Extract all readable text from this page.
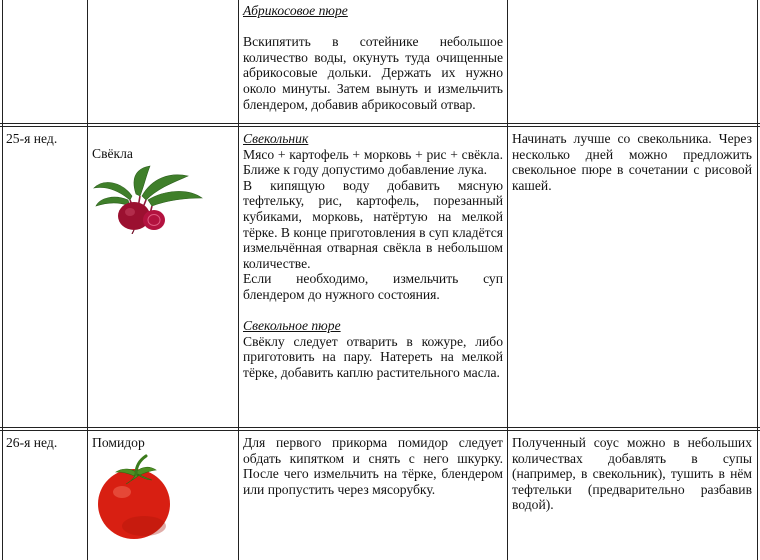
Абрикосовое пюре

Вскипятить в сотейнике небольшое количество воды, окунуть туда очищенные абрикосовые дольки. Держать их нужно около минуты. Затем вынуть и измельчить блендером, добавив абрикосовый отвар.

25-я нед.
Свёкла
Свекольник

Мясо + картофель + морковь + рис + свёкла. Ближе к году допустимо добавление лука.

В кипящую воду добавить мясную тефтельку, рис, картофель, порезанный кубиками, морковь, натёртую на мелкой тёрке. В конце приготовления в суп кладётся измельчённая отварная свёкла в небольшом количестве.

Если необходимо, измельчить суп блендером до нужного состояния.

Свекольное пюре

Свёклу следует отварить в кожуре, либо приготовить на пару. Натереть на мелкой тёрке, добавить каплю растительного масла.

Начинать лучше со свекольника. Через несколько дней можно предложить свекольное пюре в сочетании с рисовой кашей.
26-я нед.	Помидор	Для первого прикорма помидор следует обдать кипятком и снять с него шкурку. После чего измельчить на тёрке, блендером или пропустить через мясорубку.

Полученный соус можно в небольших количествах добавлять в супы (например, в свекольник), тушить в нём тефтельки (предварительно разбавив водой).
